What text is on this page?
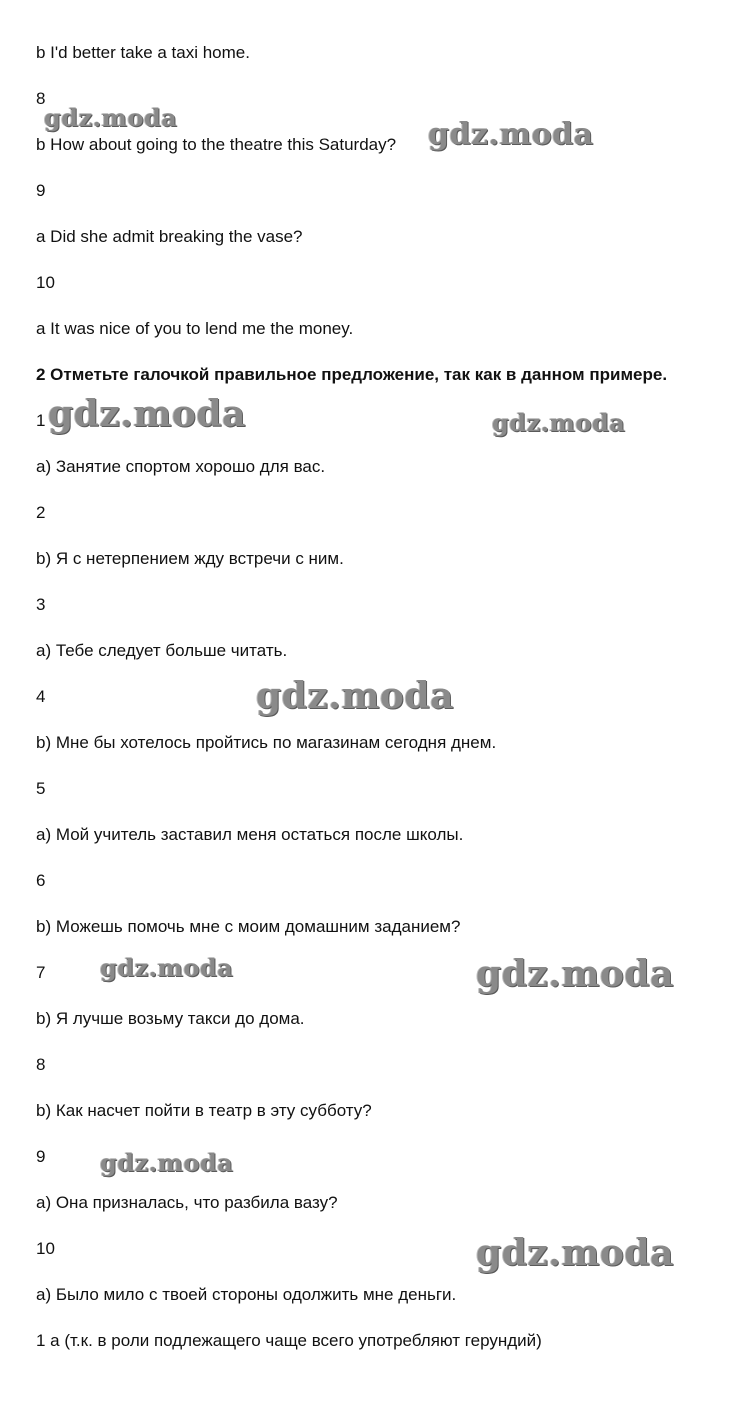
b I'd better take a taxi home.
8
b How about going to the theatre this Saturday?
9
a Did she admit breaking the vase?
10
a It was nice of you to lend me the money.
2 Отметьте галочкой правильное предложение, так как в данном примере.
1
a) Занятие спортом хорошо для вас.
2
b) Я с нетерпением жду встречи с ним.
3
a) Тебе следует больше читать.
4
b) Мне бы хотелось пройтись по магазинам сегодня днем.
5
a) Мой учитель заставил меня остаться после школы.
6
b) Можешь помочь мне с моим домашним заданием?
7
b) Я лучше возьму такси до дома.
8
b) Как насчет пойти в театр в эту субботу?
9
a) Она призналась, что разбила вазу?
10
a) Было мило с твоей стороны одолжить мне деньги.
1 a (т.к. в роли подлежащего чаще всего употребляют герундий)
gdz.moda	gdz.moda
gdz.moda	gdz.moda
gdz.moda
gdz.moda	gdz.moda
gdz.moda
gdz.moda
